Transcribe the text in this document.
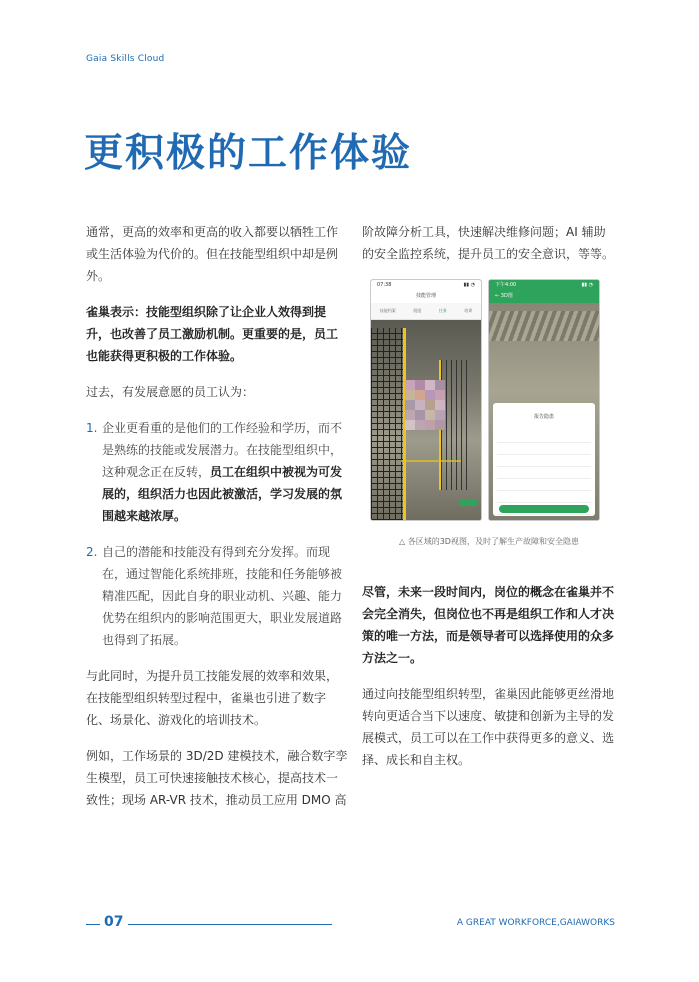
Gaia Skills Cloud
更积极的工作体验

通常，更高的效率和更高的收入都要以牺牲工作或生活体验为代价的。但在技能型组织中却是例外。

雀巢表示：技能型组织除了让企业人效得到提升，也改善了员工激励机制。更重要的是，员工也能获得更积极的工作体验。

过去，有发展意愿的员工认为：

1. 企业更看重的是他们的工作经验和学历，而不是熟练的技能或发展潜力。在技能型组织中，这种观念正在反转，员工在组织中被视为可发展的，组织活力也因此被激活，学习发展的氛围越来越浓厚。
2. 自己的潜能和技能没有得到充分发挥。而现在，通过智能化系统排班，技能和任务能够被精准匹配，因此自身的职业动机、兴趣、能力优势在组织内的影响范围更大，职业发展道路也得到了拓展。

与此同时，为提升员工技能发展的效率和效果，在技能型组织转型过程中，雀巢也引进了数字化、场景化、游戏化的培训技术。

例如，工作场景的 3D/2D 建模技术，融合数字孪生模型，员工可快速接触技术核心，提高技术一致性；现场 AR-VR 技术，推动员工应用 DMO 高

阶故障分析工具，快速解决维修问题；AI 辅助的安全监控系统，提升员工的安全意识，等等。

07:38	▮▮ ◔
技能管理
技能档案	班组	任务	培训
下午4:00	▮▮ ◔
← 3D图
报告隐患
△ 各区域的3D视图，及时了解生产故障和安全隐患

尽管，未来一段时间内，岗位的概念在雀巢并不会完全消失，但岗位也不再是组织工作和人才决策的唯一方法，而是领导者可以选择使用的众多方法之一。

通过向技能型组织转型，雀巢因此能够更丝滑地转向更适合当下以速度、敏捷和创新为主导的发展模式，员工可以在工作中获得更多的意义、选择、成长和自主权。

07	A GREAT WORKFORCE,GAIAWORKS
